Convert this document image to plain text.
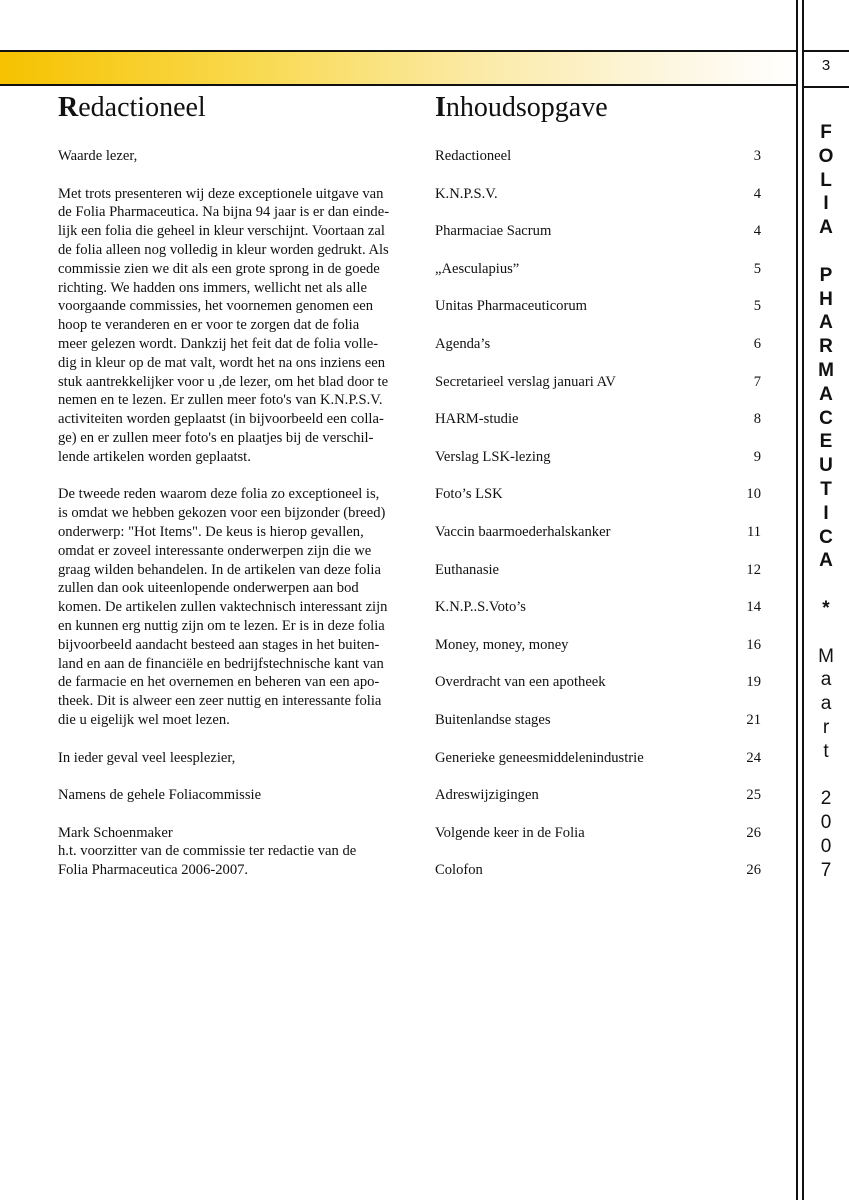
3
F
O
L
I
A
P
H
A
R
M
A
C
E
U
T
I
C
A
*
M
a
a
r
t
2
0
0
7
Redactioneel

Waarde lezer,

Met trots presenteren wij deze exceptionele uitgave van
de Folia Pharmaceutica. Na bijna 94 jaar is er dan einde-
lijk een folia die geheel in kleur verschijnt. Voortaan zal
de folia alleen nog volledig in kleur worden gedrukt. Als
commissie zien we dit als een grote sprong in de goede
richting. We hadden ons immers, wellicht net als alle
voorgaande commissies, het voornemen genomen een
hoop te veranderen en er voor te zorgen dat de folia
meer gelezen wordt. Dankzij het feit dat de folia volle-
dig in kleur op de mat valt, wordt het na ons inziens een
stuk aantrekkelijker voor u ,de lezer, om het blad door te
nemen en te lezen. Er zullen meer foto's van K.N.P.S.V.
activiteiten worden geplaatst (in bijvoorbeeld een colla-
ge) en er zullen meer foto's en plaatjes bij de verschil-
lende artikelen worden geplaatst.

De tweede reden waarom deze folia zo exceptioneel is,
is omdat we hebben gekozen voor een bijzonder (breed)
onderwerp: "Hot Items". De keus is hierop gevallen,
omdat er zoveel interessante onderwerpen zijn die we
graag wilden behandelen. In de artikelen van deze folia
zullen dan ook uiteenlopende onderwerpen aan bod
komen. De artikelen zullen vaktechnisch interessant zijn
en kunnen erg nuttig zijn om te lezen. Er is in deze folia
bijvoorbeeld aandacht besteed aan stages in het buiten-
land en aan de financiële en bedrijfstechnische kant van
de farmacie en het overnemen en beheren van een apo-
theek. Dit is alweer een zeer nuttig en interessante folia
die u eigelijk wel moet lezen.

In ieder geval veel leesplezier,

Namens de gehele Foliacommissie

Mark Schoenmaker
h.t. voorzitter van de commissie ter redactie van de
Folia Pharmaceutica 2006-2007.

Inhoudsopgave
Redactioneel	3
K.N.P.S.V.	4
Pharmaciae Sacrum	4
„Aesculapius”	5
Unitas Pharmaceuticorum	5
Agenda’s	6
Secretarieel verslag januari AV	7
HARM-studie	8
Verslag LSK-lezing	9
Foto’s LSK	10
Vaccin baarmoederhalskanker	11
Euthanasie	12
K.N.P..S.Voto’s	14
Money, money, money	16
Overdracht van een apotheek	19
Buitenlandse stages	21
Generieke geneesmiddelenindustrie	24
Adreswijzigingen	25
Volgende keer in de Folia	26
Colofon	26
